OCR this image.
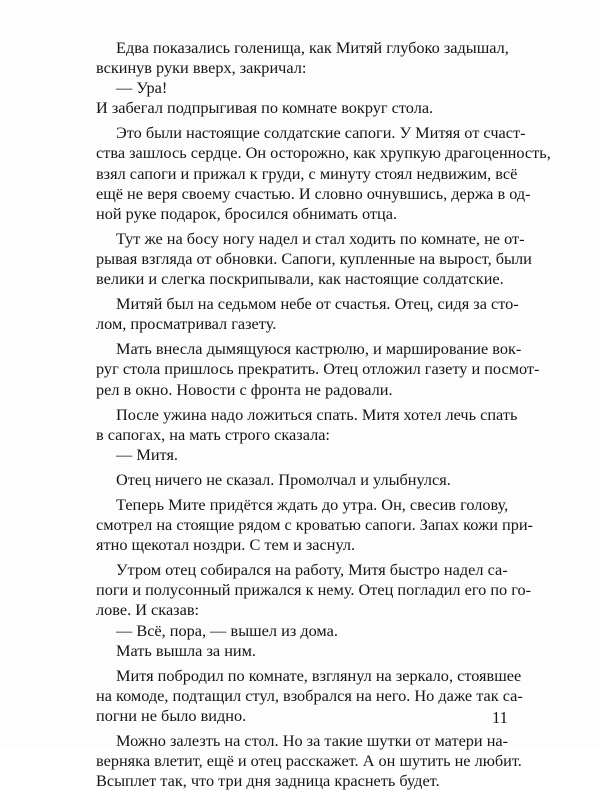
Едва показались голенища, как Митяй глубоко задышал,
вскинув руки вверх, закричал:
— Ура!
И забегал подпрыгивая по комнате вокруг стола.
Это были настоящие солдатские сапоги. У Митяя от счаст-
ства зашлось сердце. Он осторожно, как хрупкую драгоценность,
взял сапоги и прижал к груди, с минуту стоял недвижим, всё
ещё не веря своему счастью. И словно очнувшись, держа в од-
ной руке подарок, бросился обнимать отца.
Тут же на босу ногу надел и стал ходить по комнате, не от-
рывая взгляда от обновки. Сапоги, купленные на вырост, были
велики и слегка поскрипывали, как настоящие солдатские.
Митяй был на седьмом небе от счастья. Отец, сидя за сто-
лом, просматривал газету.
Мать внесла дымящуюся кастрюлю, и марширование вок-
руг стола пришлось прекратить. Отец отложил газету и посмот-
рел в окно. Новости с фронта не радовали.
После ужина надо ложиться спать. Митя хотел лечь спать
в сапогах, на мать строго сказала:
— Митя.
Отец ничего не сказал. Промолчал и улыбнулся.
Теперь Мите придётся ждать до утра. Он, свесив голову,
смотрел на стоящие рядом с кроватью сапоги. Запах кожи при-
ятно щекотал ноздри. С тем и заснул.
Утром отец собирался на работу, Митя быстро надел са-
поги и полусонный прижался к нему. Отец погладил его по го-
лове. И сказав:
— Всё, пора, — вышел из дома.
Мать вышла за ним.
Митя побродил по комнате, взглянул на зеркало, стоявшее
на комоде, подтащил стул, взобрался на него. Но даже так са-
погни не было видно.
Можно залезть на стол. Но за такие шутки от матери на-
верняка влетит, ещё и отец расскажет. А он шутить не любит.
Всыплет так, что три дня задница краснеть будет.
11
